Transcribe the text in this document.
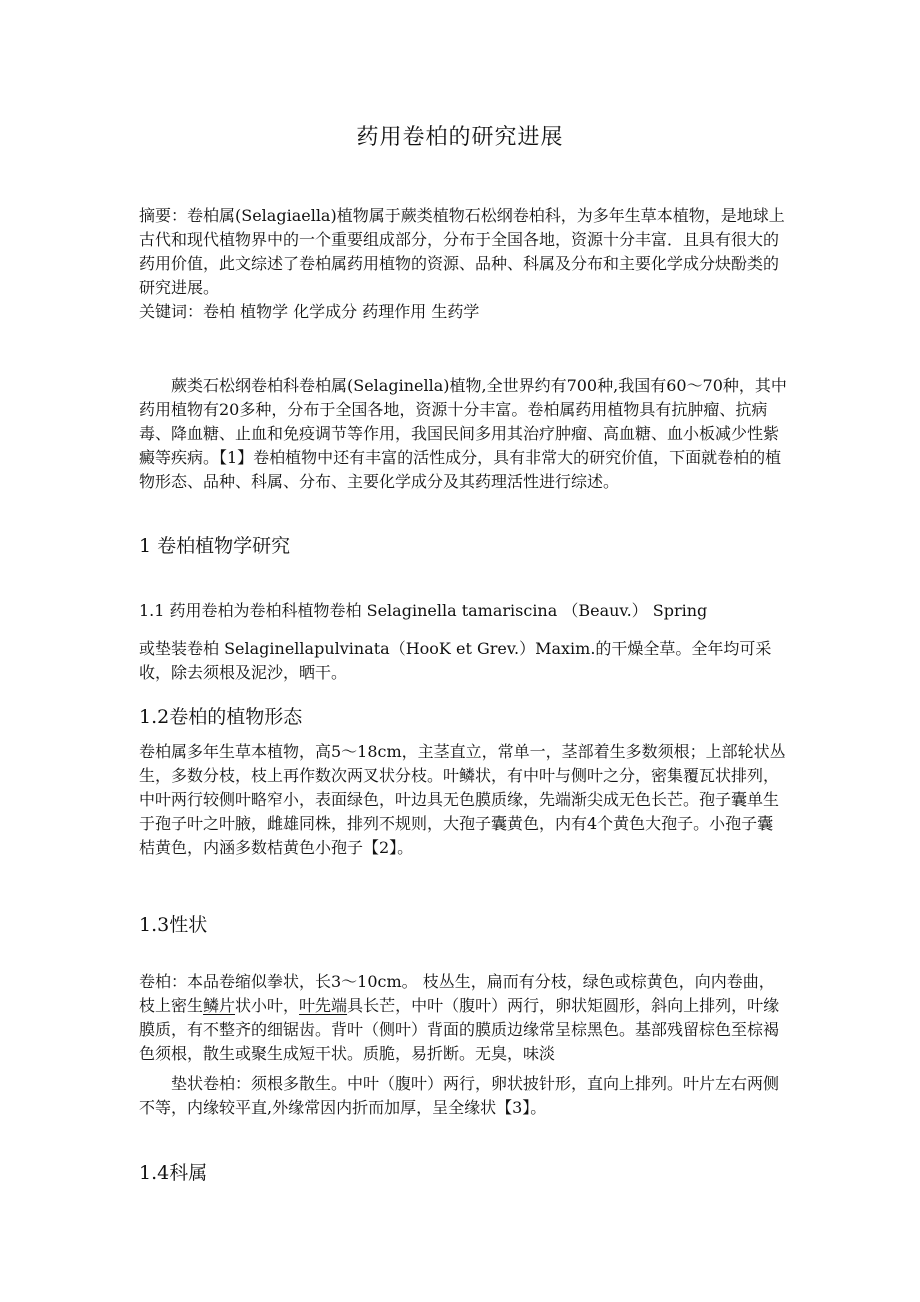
药用卷柏的研究进展

摘要：卷柏属(Selagiaella)植物属于蕨类植物石松纲卷柏科，为多年生草本植物，是地球上古代和现代植物界中的一个重要组成部分，分布于全国各地，资源十分丰富．且具有很大的药用价值，此文综述了卷柏属药用植物的资源、品种、科属及分布和主要化学成分炔酚类的研究进展。

关键词：卷柏 植物学 化学成分 药理作用 生药学

蕨类石松纲卷柏科卷柏属(Selaginella)植物,全世界约有700种,我国有60～70种，其中药用植物有20多种，分布于全国各地，资源十分丰富。卷柏属药用植物具有抗肿瘤、抗病毒、降血糖、止血和免疫调节等作用，我国民间多用其治疗肿瘤、高血糖、血小板减少性紫癜等疾病。【1】卷柏植物中还有丰富的活性成分，具有非常大的研究价值，下面就卷柏的植物形态、品种、科属、分布、主要化学成分及其药理活性进行综述。

1 卷柏植物学研究

1.1 药用卷柏为卷柏科植物卷柏 Selaginella tamariscina （Beauv.） Spring

或垫装卷柏 Selaginellapulvinata（HooK et Grev.）Maxim.的干燥全草。全年均可采收，除去须根及泥沙，晒干。

1.2卷柏的植物形态

卷柏属多年生草本植物，高5～18cm，主茎直立，常单一，茎部着生多数须根；上部轮状丛生，多数分枝，枝上再作数次两叉状分枝。叶鳞状，有中叶与侧叶之分，密集覆瓦状排列，中叶两行较侧叶略窄小，表面绿色，叶边具无色膜质缘，先端渐尖成无色长芒。孢子囊单生于孢子叶之叶腋，雌雄同株，排列不规则，大孢子囊黄色，内有4个黄色大孢子。小孢子囊桔黄色，内涵多数桔黄色小孢子【2】。

1.3性状

卷柏：本品卷缩似拳状，长3～10cm。 枝丛生，扁而有分枝，绿色或棕黄色，向内卷曲，枝上密生鳞片状小叶，叶先端具长芒，中叶（腹叶）两行，卵状矩圆形，斜向上排列，叶缘膜质，有不整齐的细锯齿。背叶（侧叶）背面的膜质边缘常呈棕黑色。基部残留棕色至棕褐色须根，散生或聚生成短干状。质脆，易折断。无臭，味淡

垫状卷柏：须根多散生。中叶（腹叶）两行，卵状披针形，直向上排列。叶片左右两侧不等，内缘较平直,外缘常因内折而加厚，呈全缘状【3】。

1.4科属
